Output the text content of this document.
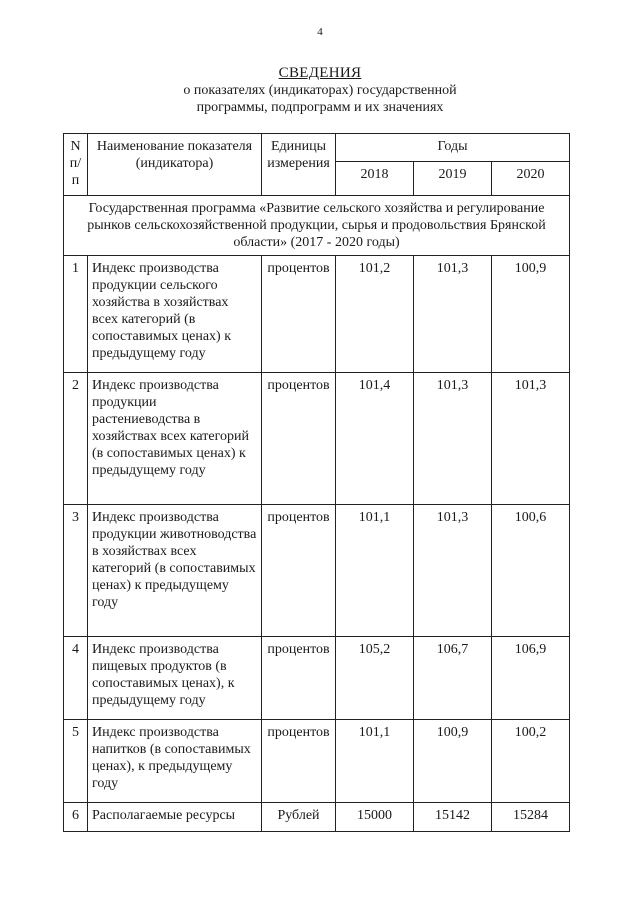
4
СВЕДЕНИЯ
о показателях (индикаторах) государственной
программы, подпрограмм и их значениях
N п/п	Наименование показателя (индикатора)	Единицы измерения	Годы		
			2018	2019	2020
Государственная программа «Развитие сельского хозяйства и регулирование рынков сельскохозяйственной продукции, сырья и продовольствия Брянской области» (2017 - 2020 годы)					
1	Индекс производства продукции сельского хозяйства в хозяйствах всех категорий (в сопоставимых ценах) к предыдущему году	процентов	101,2	101,3	100,9
2	Индекс производства продукции растениеводства в хозяйствах всех категорий (в сопоставимых ценах) к предыдущему году	процентов	101,4	101,3	101,3
3	Индекс производства продукции животноводства в хозяйствах всех категорий (в сопоставимых ценах) к предыдущему году	процентов	101,1	101,3	100,6
4	Индекс производства пищевых продуктов (в сопоставимых ценах), к предыдущему году	процентов	105,2	106,7	106,9
5	Индекс производства напитков (в сопоставимых ценах), к предыдущему году	процентов	101,1	100,9	100,2
6	Располагаемые ресурсы	Рублей	15000	15142	15284
